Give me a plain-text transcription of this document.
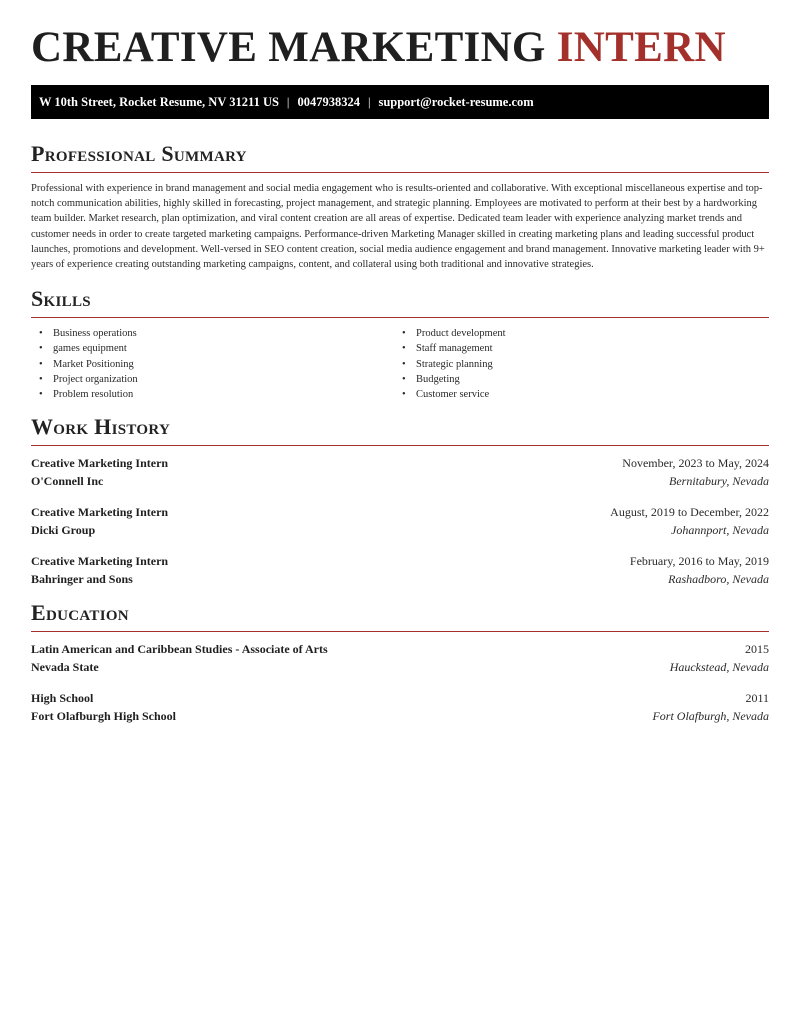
CREATIVE MARKETING INTERN
W 10th Street, Rocket Resume, NV 31211 US | 0047938324 | support@rocket-resume.com
Professional Summary

Professional with experience in brand management and social media engagement who is results-oriented and collaborative. With exceptional miscellaneous expertise and top-notch communication abilities, highly skilled in forecasting, project management, and strategic planning. Employees are motivated to perform at their best by a hardworking team builder. Market research, plan optimization, and viral content creation are all areas of expertise. Dedicated team leader with experience analyzing market trends and customer needs in order to create targeted marketing campaigns. Performance-driven Marketing Manager skilled in creating marketing plans and leading successful product launches, promotions and development. Well-versed in SEO content creation, social media audience engagement and brand management. Innovative marketing leader with 9+ years of experience creating outstanding marketing campaigns, content, and collateral using both traditional and innovative strategies.

Skills
• Business operations
• games equipment
• Market Positioning
• Project organization
• Problem resolution
• Product development
• Staff management
• Strategic planning
• Budgeting
• Customer service
Work History
Creative Marketing Intern	November, 2023 to May, 2024
O'Connell Inc	Bernitabury, Nevada
Creative Marketing Intern	August, 2019 to December, 2022
Dicki Group	Johannport, Nevada
Creative Marketing Intern	February, 2016 to May, 2019
Bahringer and Sons	Rashadboro, Nevada
Education
Latin American and Caribbean Studies - Associate of Arts	2015
Nevada State	Hauckstead, Nevada
High School	2011
Fort Olafburgh High School	Fort Olafburgh, Nevada
